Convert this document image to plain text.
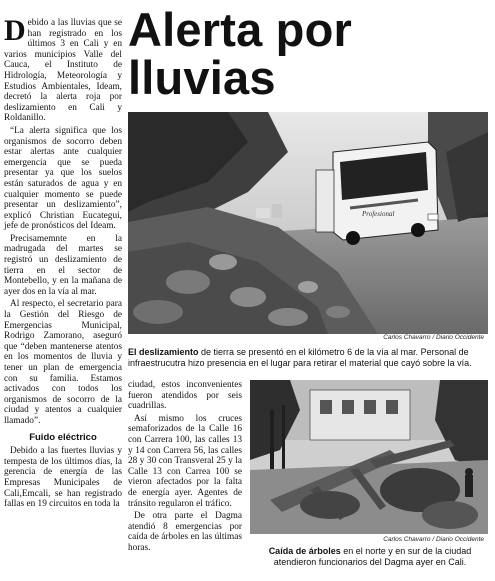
Alerta por lluvias

Debido a las lluvias que se han registrado en los últimos 3 en Cali y en varios municipios Valle del Cauca, el Instituto de Hidrología, Meteorología y Estudios Ambientales, Ideam, decretó la alerta roja por deslizamiento en Cali y Roldanillo.

“La alerta significa que los organismos de socorro deben estar alertas ante cualquier emergencia que se pueda presentar ya que los suelos están saturados de agua y en cualquier momento se puede presentar un deslizamiento”, explicó Christian Eucategui, jefe de pronósticos del Ideam.

Precisamemnte en la madrugada del martes se registró un deslizamiento de tierra en el sector de Montebello, y en la mañana de ayer dos en la vía al mar.

Al respecto, el secretario para la Gestión del Riesgo de Emergencias Municipal, Rodrigo Zamorano, aseguró que “deben mantenerse atentos en los momentos de lluvia y tener un plan de emergencia con su familia. Estamos activados con todos los organismos de socorro de la ciudad y atentos a cualquier llamado”.

Fuido eléctrico

Debido a las fuertes lluvias y tempesta de los últimos días, la gerencia de energía de las Empresas Municipales de Cali,Emcali, se han registrado fallas en 19 circuitos en toda la

Profesional
Carlos Chavarro / Diario Occidente
El deslizamiento de tierra se presentó en el kilómetro 6 de la vía al mar. Personal de infraestrucutra hizo presencia en el lugar para retirar el material que cayó sobre la vía.

ciudad, estos inconvenientes fueron atendidos por seis cuadrillas.

Así mismo los cruces semaforizados de la Calle 16 con Carrera 100, las calles 13 y 14 con Carrera 56, las calles 28 y 30 con Transveral 25 y la Calle 13 con Carrea 100 se vieron afectados por la falta de energía ayer. Agentes de tránsito regularon el tráfico.

De otra parte el Dagma atendió 8 emergencias por caída de árboles en las últimas horas.

Carlos Chavarro / Diario Occidente
Caída de árboles en el norte y en sur de la ciudad atendieron funcionarios del Dagma ayer en Cali.
